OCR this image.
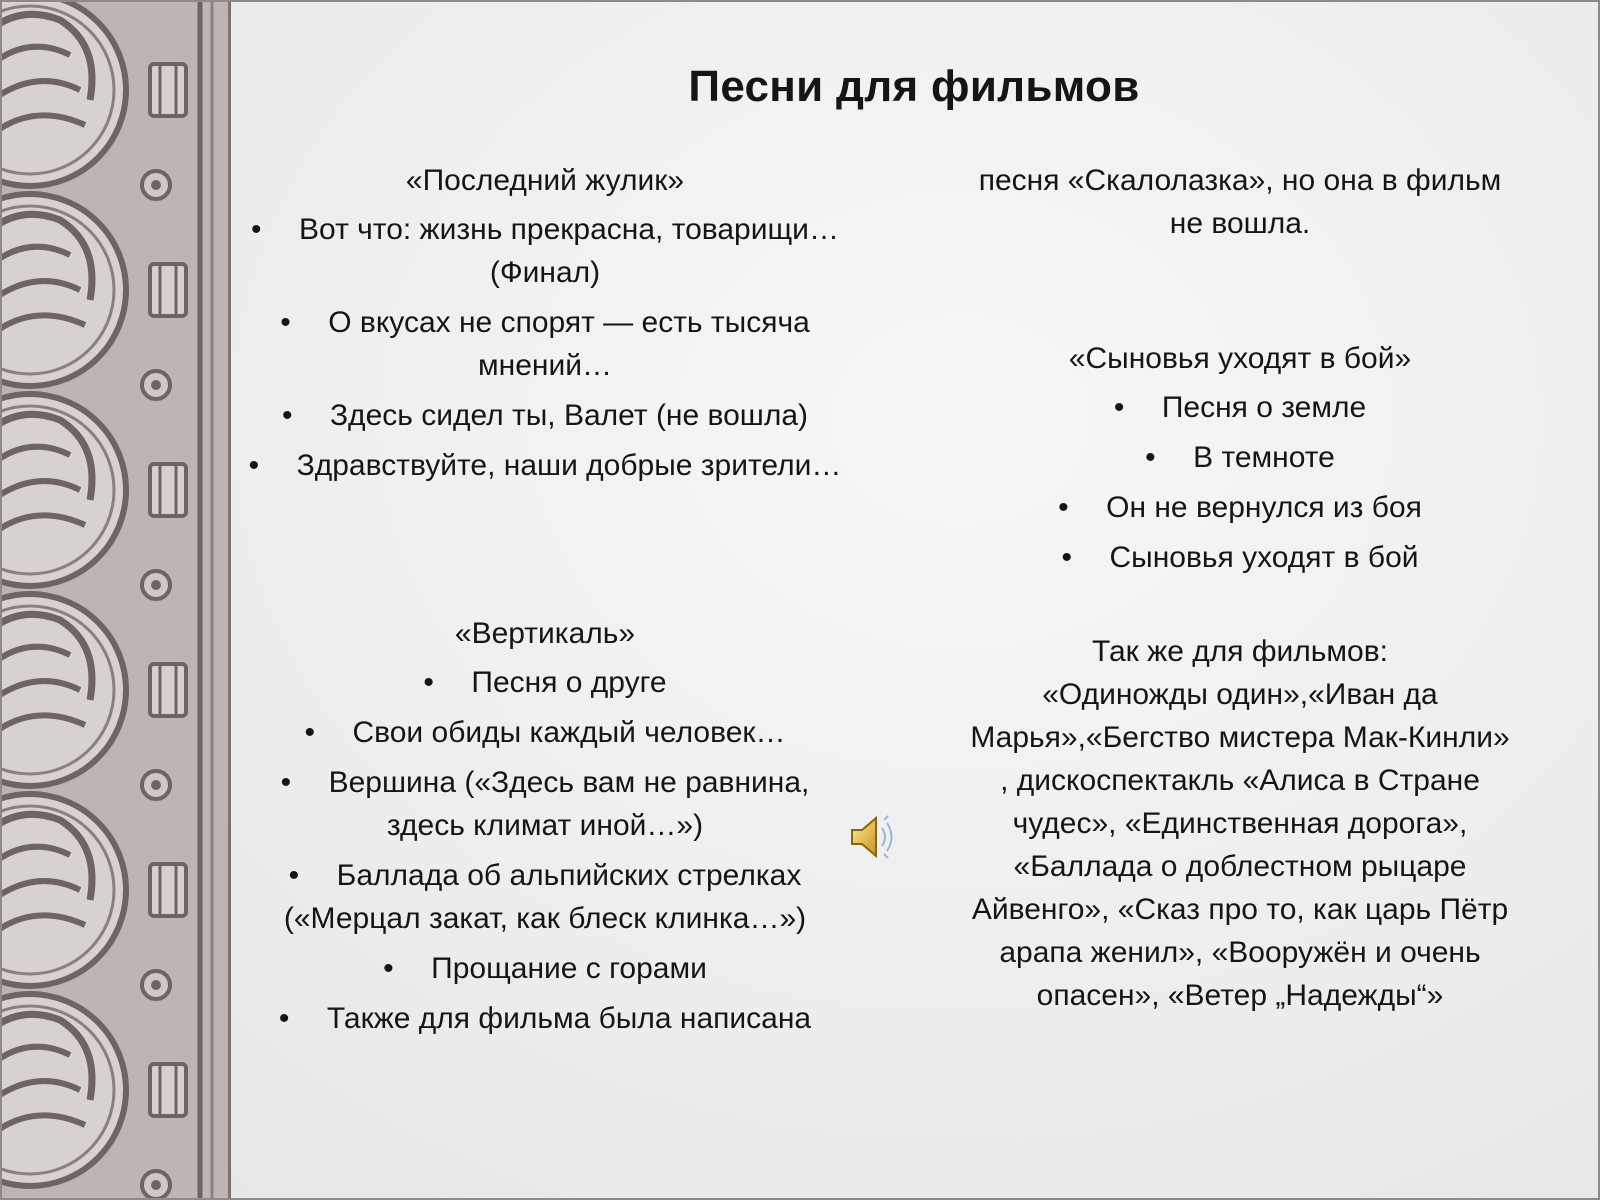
Песни для фильмов
«Последний жулик»
• Вот что: жизнь прекрасна, товарищи…(Финал)
• О вкусах не спорят — есть тысяча мнений…
• Здесь сидел ты, Валет (не вошла)
• Здравствуйте, наши добрые зрители…
«Вертикаль»
• Песня о друге
• Свои обиды каждый человек…
• Вершина («Здесь вам не равнина, здесь климат иной…»)
• Баллада об альпийских стрелках («Мерцал закат, как блеск клинка…»)
• Прощание с горами
• Также для фильма была написана
песня «Скалолазка», но она в фильм не вошла.
«Сыновья уходят в бой»
• Песня о земле
• В темноте
• Он не вернулся из боя
• Сыновья уходят в бой
Так же для фильмов:
«Одиножды один»,«Иван да Марья»,«Бегство мистера Мак-Кинли» , дискоспектакль «Алиса в Стране чудес», «Единственная дорога», «Баллада о доблестном рыцаре Айвенго», «Сказ про то, как царь Пётр арапа женил», «Вооружён и очень опасен», «Ветер „Надежды“»
